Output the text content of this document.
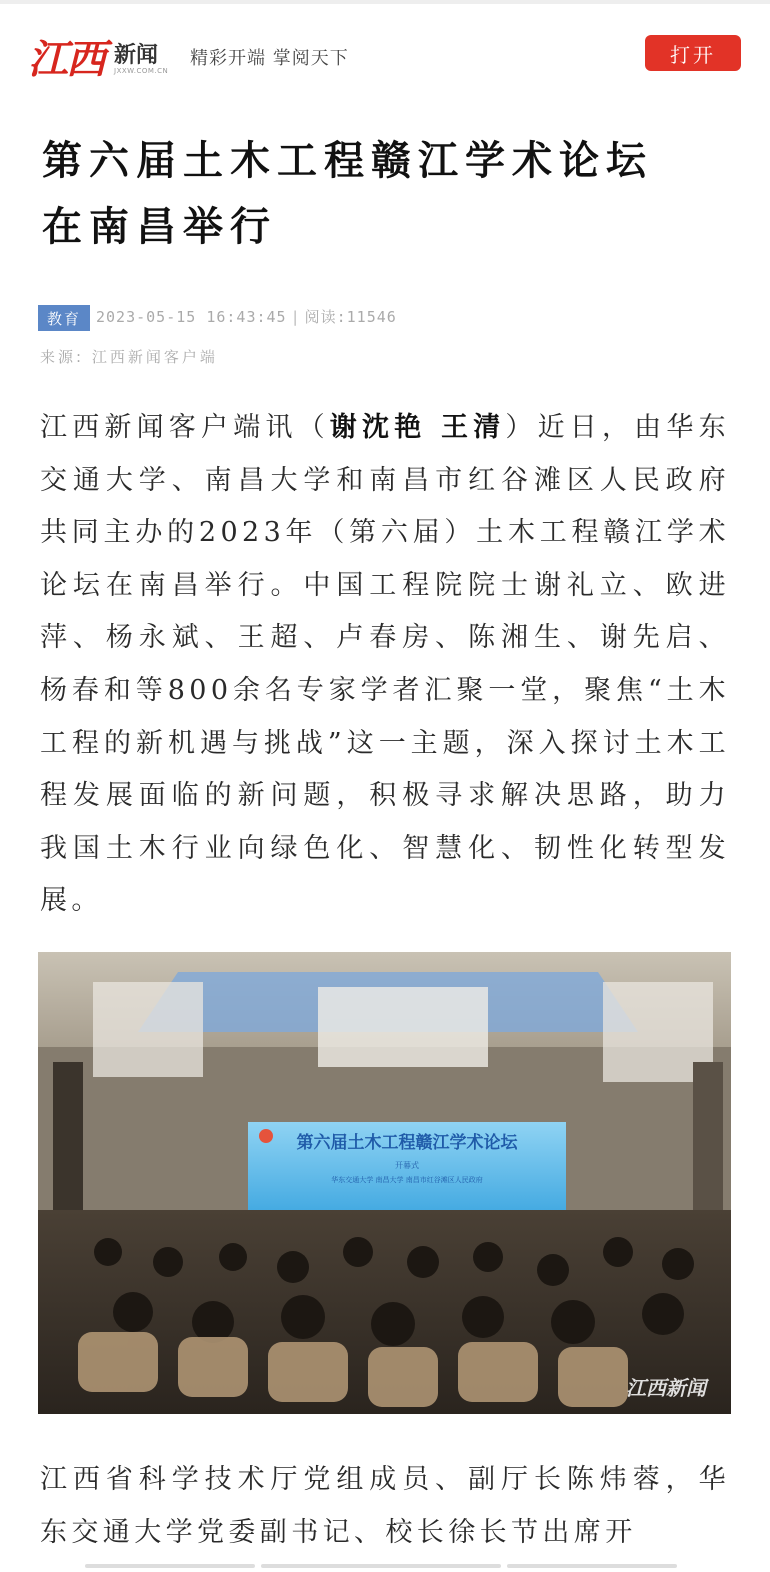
江西 新闻
JXXW.COM.CN
精彩开端 掌阅天下	打开
第六届土木工程赣江学术论坛
在南昌举行
教育	2023-05-15 16:43:45 | 阅读:11546
来源: 江西新闻客户端

江西新闻客户端讯（谢沈艳 王清）近日，由华东交通大学、南昌大学和南昌市红谷滩区人民政府共同主办的2023年（第六届）土木工程赣江学术论坛在南昌举行。中国工程院院士谢礼立、欧进萍、杨永斌、王超、卢春房、陈湘生、谢先启、杨春和等800余名专家学者汇聚一堂，聚焦“土木工程的新机遇与挑战”这一主题，深入探讨土木工程发展面临的新问题，积极寻求解决思路，助力我国土木行业向绿色化、智慧化、韧性化转型发展。

第六届土木工程赣江学术论坛
开幕式
华东交通大学 南昌大学 南昌市红谷滩区人民政府
江西新闻

江西省科学技术厅党组成员、副厅长陈炜蓉，华东交通大学党委副书记、校长徐长节出席开
